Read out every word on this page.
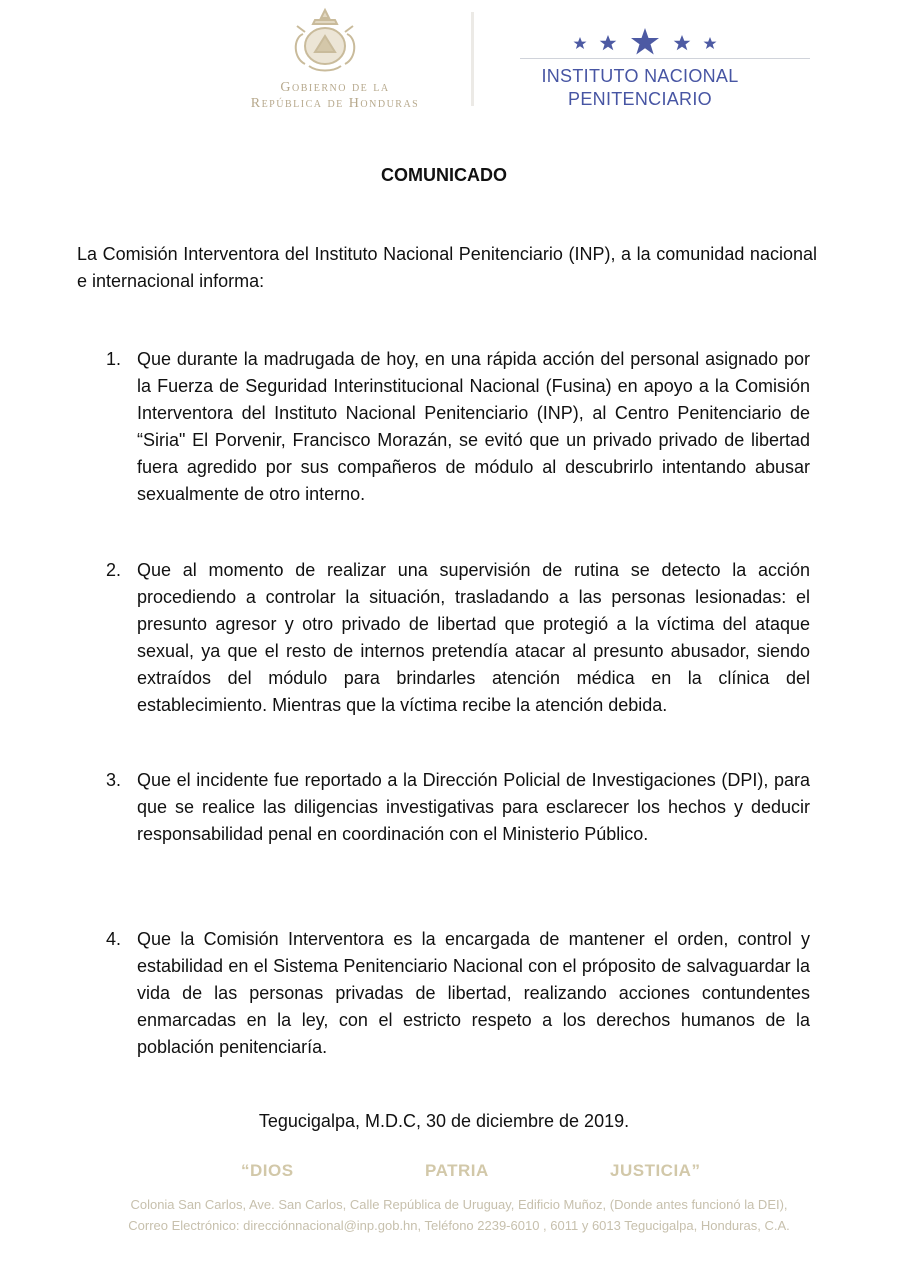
Gobierno de la
República de Honduras
INSTITUTO NACIONAL
PENITENCIARIO
COMUNICADO
La Comisión Interventora del Instituto Nacional Penitenciario (INP), a la comunidad nacional e internacional informa:
1. Que durante la madrugada de hoy, en una rápida acción del personal asignado por la Fuerza de Seguridad Interinstitucional Nacional (Fusina) en apoyo a la Comisión Interventora del Instituto Nacional Penitenciario (INP), al Centro Penitenciario de “Siria" El Porvenir, Francisco Morazán, se evitó que un privado privado de libertad fuera agredido por sus compañeros de módulo al descubrirlo intentando abusar sexualmente de otro interno.
2. Que al momento de realizar una supervisión de rutina se detecto la acción procediendo a controlar la situación, trasladando a las personas lesionadas: el presunto agresor y otro privado de libertad que protegió a la víctima del ataque sexual, ya que el resto de internos pretendía atacar al presunto abusador, siendo extraídos del módulo para brindarles atención médica en la clínica del establecimiento. Mientras que la víctima recibe la atención debida.
3. Que el incidente fue reportado a la Dirección Policial de Investigaciones (DPI), para que se realice las diligencias investigativas para esclarecer los hechos y deducir responsabilidad penal en coordinación con el Ministerio Público.
4. Que la Comisión Interventora es la encargada de mantener el orden, control y estabilidad en el Sistema Penitenciario Nacional con el próposito de salvaguardar la vida de las personas privadas de libertad, realizando acciones contundentes enmarcadas en la ley, con el estricto respeto a los derechos humanos de la población penitenciaría.
Tegucigalpa, M.D.C, 30 de diciembre de 2019.
“DIOS	PATRIA	JUSTICIA”
Colonia San Carlos, Ave. San Carlos, Calle República de Uruguay, Edificio Muñoz, (Donde antes funcionó la DEI),
Correo Electrónico: direcciónnacional@inp.gob.hn, Teléfono 2239-6010 , 6011 y 6013 Tegucigalpa, Honduras, C.A.
